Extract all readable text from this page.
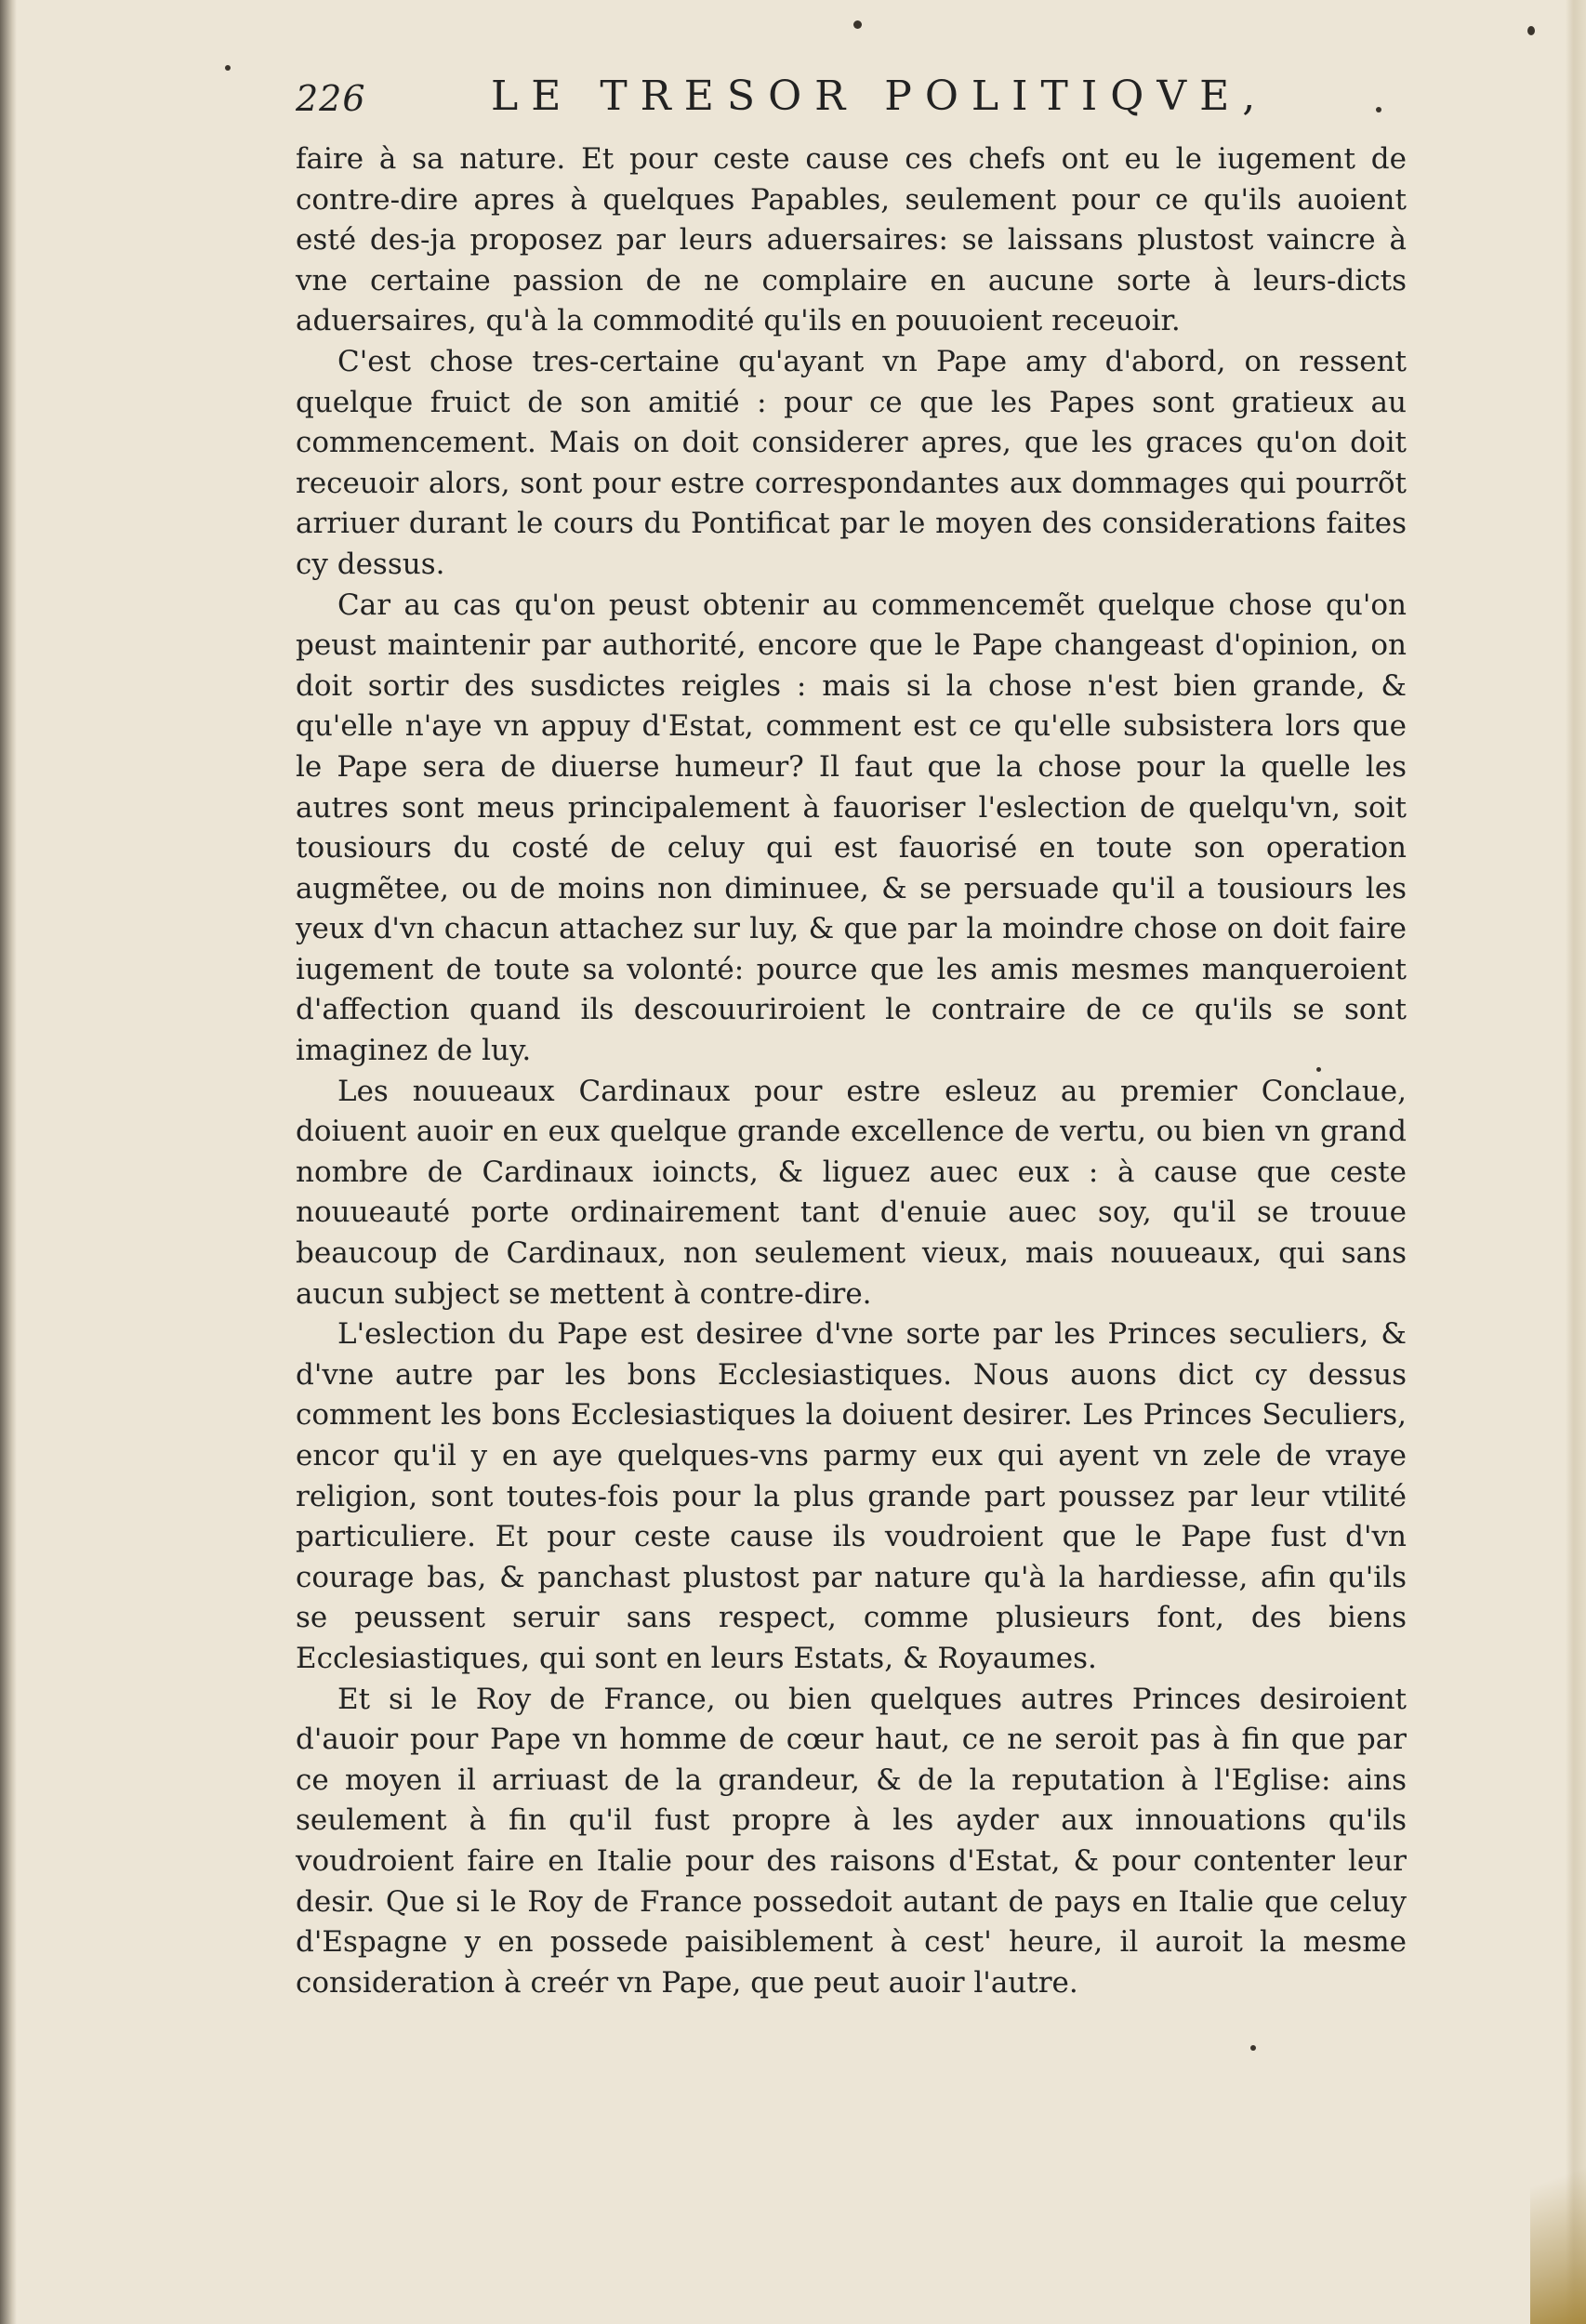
226	LE TRESOR POLITIQVE,

faire à sa nature. Et pour ceste cause ces chefs ont eu le iugement de contre-dire apres à quelques Papables, seulement pour ce qu'ils auoient esté des-ja proposez par leurs aduersaires: se laissans plustost vaincre à vne certaine passion de ne complaire en aucune sorte à leurs-dicts aduersaires, qu'à la commodité qu'ils en pouuoient receuoir.

C'est chose tres-certaine qu'ayant vn Pape amy d'abord, on ressent quelque fruict de son amitié : pour ce que les Papes sont gratieux au commencement. Mais on doit considerer apres, que les graces qu'on doit receuoir alors, sont pour estre correspondantes aux dommages qui pourrõt arriuer durant le cours du Pontificat par le moyen des considerations faites cy dessus.

Car au cas qu'on peust obtenir au commencemẽt quelque chose qu'on peust maintenir par authorité, encore que le Pape changeast d'opinion, on doit sortir des susdictes reigles : mais si la chose n'est bien grande, & qu'elle n'aye vn appuy d'Estat, comment est ce qu'elle subsistera lors que le Pape sera de diuerse humeur? Il faut que la chose pour la quelle les autres sont meus principalement à fauoriser l'eslection de quelqu'vn, soit tousiours du costé de celuy qui est fauorisé en toute son operation augmẽtee, ou de moins non diminuee, & se persuade qu'il a tousiours les yeux d'vn chacun attachez sur luy, & que par la moindre chose on doit faire iugement de toute sa volonté: pource que les amis mesmes manqueroient d'affection quand ils descouuriroient le contraire de ce qu'ils se sont imaginez de luy.

Les nouueaux Cardinaux pour estre esleuz au premier Conclaue, doiuent auoir en eux quelque grande excellence de vertu, ou bien vn grand nombre de Cardinaux ioincts, & liguez auec eux : à cause que ceste nouueauté porte ordinairement tant d'enuie auec soy, qu'il se trouue beaucoup de Cardinaux, non seulement vieux, mais nouueaux, qui sans aucun subject se mettent à contre-dire.

L'eslection du Pape est desiree d'vne sorte par les Princes seculiers, & d'vne autre par les bons Ecclesiastiques. Nous auons dict cy dessus comment les bons Ecclesiastiques la doiuent desirer. Les Princes Seculiers, encor qu'il y en aye quelques-vns parmy eux qui ayent vn zele de vraye religion, sont toutes-fois pour la plus grande part poussez par leur vtilité particuliere. Et pour ceste cause ils voudroient que le Pape fust d'vn courage bas, & panchast plustost par nature qu'à la hardiesse, afin qu'ils se peussent seruir sans respect, comme plusieurs font, des biens Ecclesiastiques, qui sont en leurs Estats, & Royaumes.

Et si le Roy de France, ou bien quelques autres Princes desiroient d'auoir pour Pape vn homme de cœur haut, ce ne seroit pas à fin que par ce moyen il arriuast de la grandeur, & de la reputation à l'Eglise: ains seulement à fin qu'il fust propre à les ayder aux innouations qu'ils voudroient faire en Italie pour des raisons d'Estat, & pour contenter leur desir. Que si le Roy de France possedoit autant de pays en Italie que celuy d'Espagne y en possede paisiblement à cest' heure, il auroit la mesme consideration à creér vn Pape, que peut auoir l'autre.
